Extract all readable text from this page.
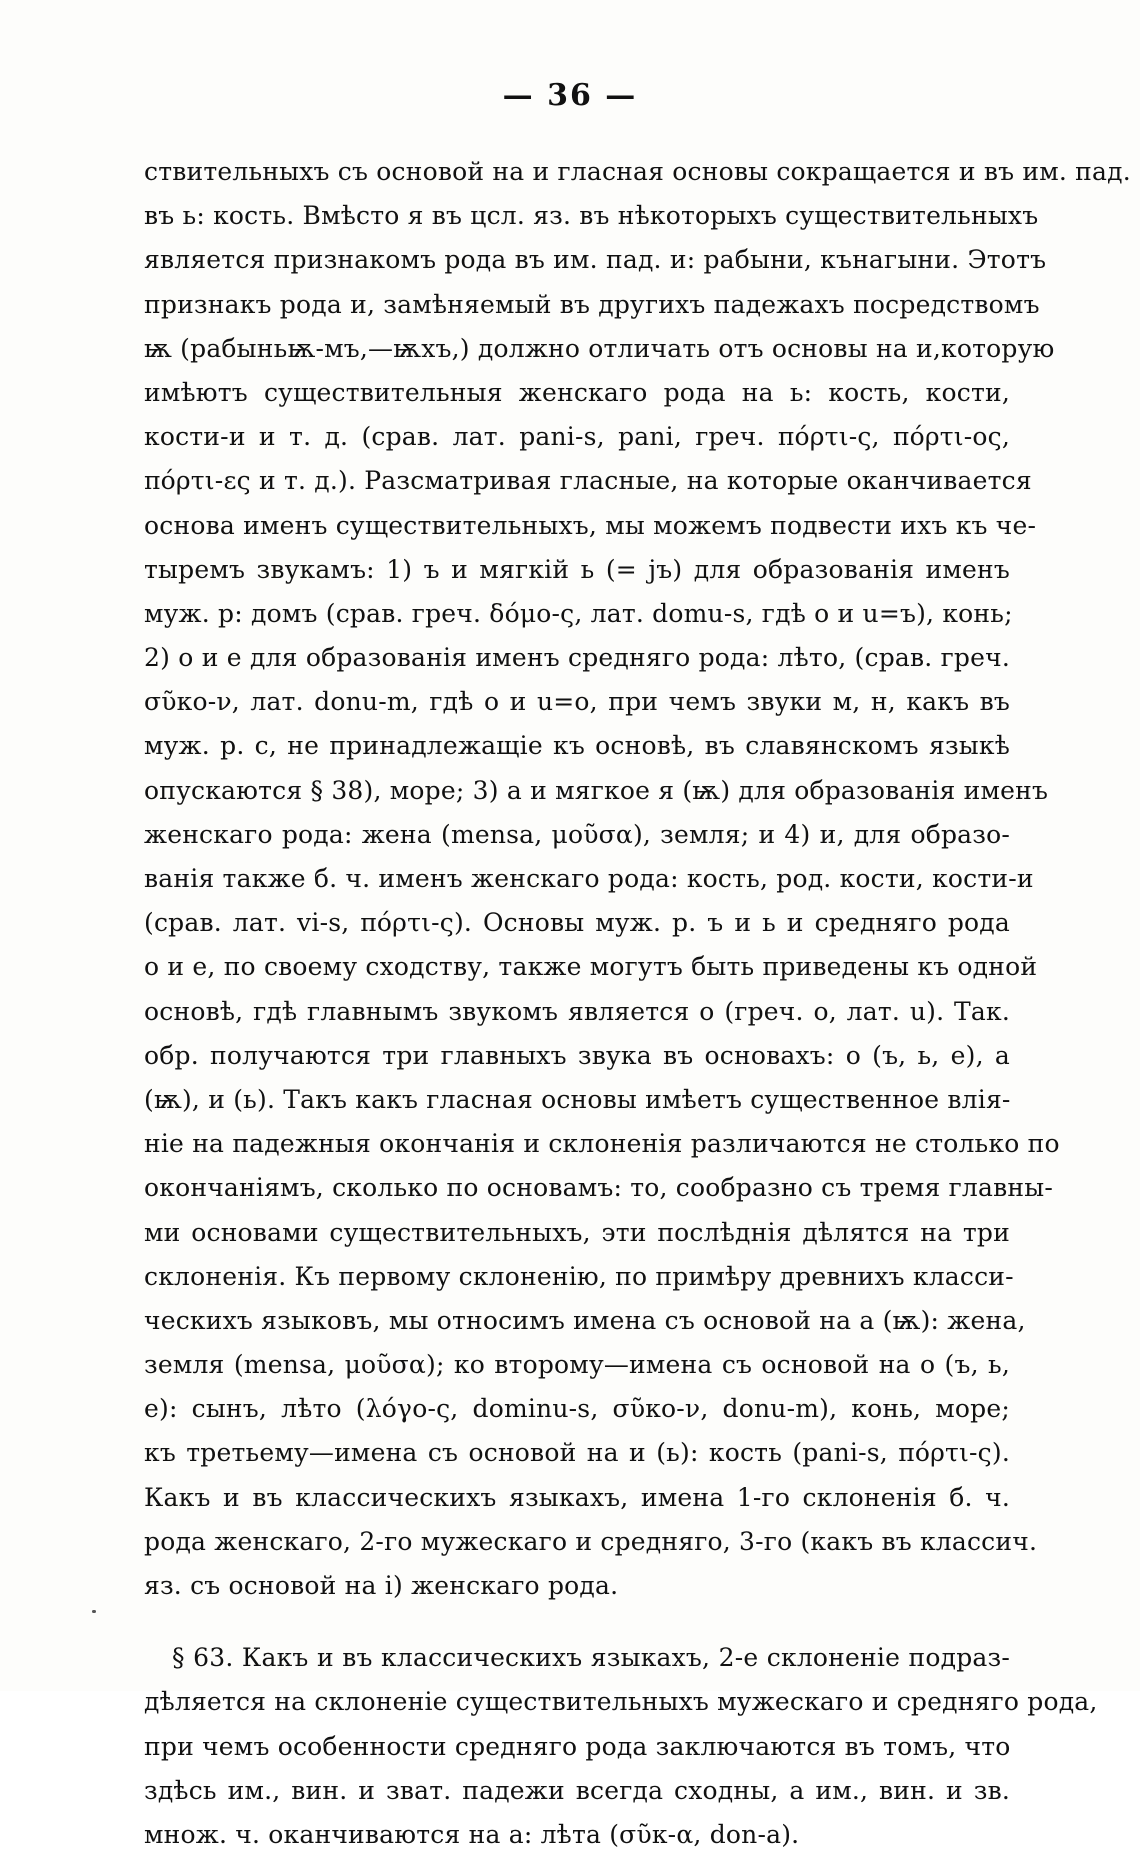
— 36 —
ствительныхъ съ основой на и гласная основы сокращается и въ им. пад.
въ ь: кость. Вмѣсто я въ цсл. яз. въ нѣкоторыхъ существительныхъ
является признакомъ рода въ им. пад. и: рабыни, кънагыни. Этотъ
признакъ рода и, замѣняемый въ другихъ падежахъ посредствомъ
ѭ (рабыньѭ-мъ,—ѭхъ,) должно отличать отъ основы на и,которую
имѣютъ существительныя женскаго рода на ь: кость, кости,
кости-и и т. д. (срав. лат. pani-s, pani, греч. πόρτι-ς, πόρτι-ος,
πόρτι-ες и т. д.). Разсматривая гласные, на которые оканчивается
основа именъ существительныхъ, мы можемъ подвести ихъ къ че-
тыремъ звукамъ: 1) ъ и мягкій ь (= jъ) для образованія именъ
муж. р: домъ (срав. греч. δόμο-ς, лат. domu-s, гдѣ о и u=ъ), конь;
2) о и е для образованія именъ средняго рода: лѣто, (срав. греч.
σῦκο-ν, лат. donu-m, гдѣ о и u=о, при чемъ звуки м, н, какъ въ
муж. р. с, не принадлежащіе къ основѣ, въ славянскомъ языкѣ
опускаются § 38), море; 3) а и мягкое я (ѭ) для образованія именъ
женскаго рода: жена (mensa, μοῦσα), земля; и 4) и, для образо-
ванія также б. ч. именъ женскаго рода: кость, род. кости, кости-и
(срав. лат. vi-s, πόρτι-ς). Основы муж. р. ъ и ь и средняго рода
о и е, по своему сходству, также могутъ быть приведены къ одной
основѣ, гдѣ главнымъ звукомъ является о (греч. о, лат. u). Так.
обр. получаются три главныхъ звука въ основахъ: о (ъ, ь, е), а
(ѭ), и (ь). Такъ какъ гласная основы имѣетъ существенное влія-
ніе на падежныя окончанія и склоненія различаются не столько по
окончаніямъ, сколько по основамъ: то, сообразно съ тремя главны-
ми основами существительныхъ, эти послѣднія дѣлятся на три
склоненія. Къ первому склоненію, по примѣру древнихъ класси-
ческихъ языковъ, мы относимъ имена съ основой на а (ѭ): жена,
земля (mensa, μοῦσα); ко второму—имена съ основой на о (ъ, ь,
е): сынъ, лѣто (λόγο-ς, dominu-s, σῦκο-ν, donu-m), конь, море;
къ третьему—имена съ основой на и (ь): кость (pani-s, πόρτι-ς).
Какъ и въ классическихъ языкахъ, имена 1-го склоненія б. ч.
рода женскаго, 2-го мужескаго и средняго, 3-го (какъ въ классич.
яз. съ основой на і) женскаго рода.
§ 63. Какъ и въ классическихъ языкахъ, 2-е склоненіе подраз-
дѣляется на склоненіе существительныхъ мужескаго и средняго рода,
при чемъ особенности средняго рода заключаются въ томъ, что
здѣсь им., вин. и зват. падежи всегда сходны, а им., вин. и зв.
множ. ч. оканчиваются на а: лѣта (σῦκ-α, don-a).
